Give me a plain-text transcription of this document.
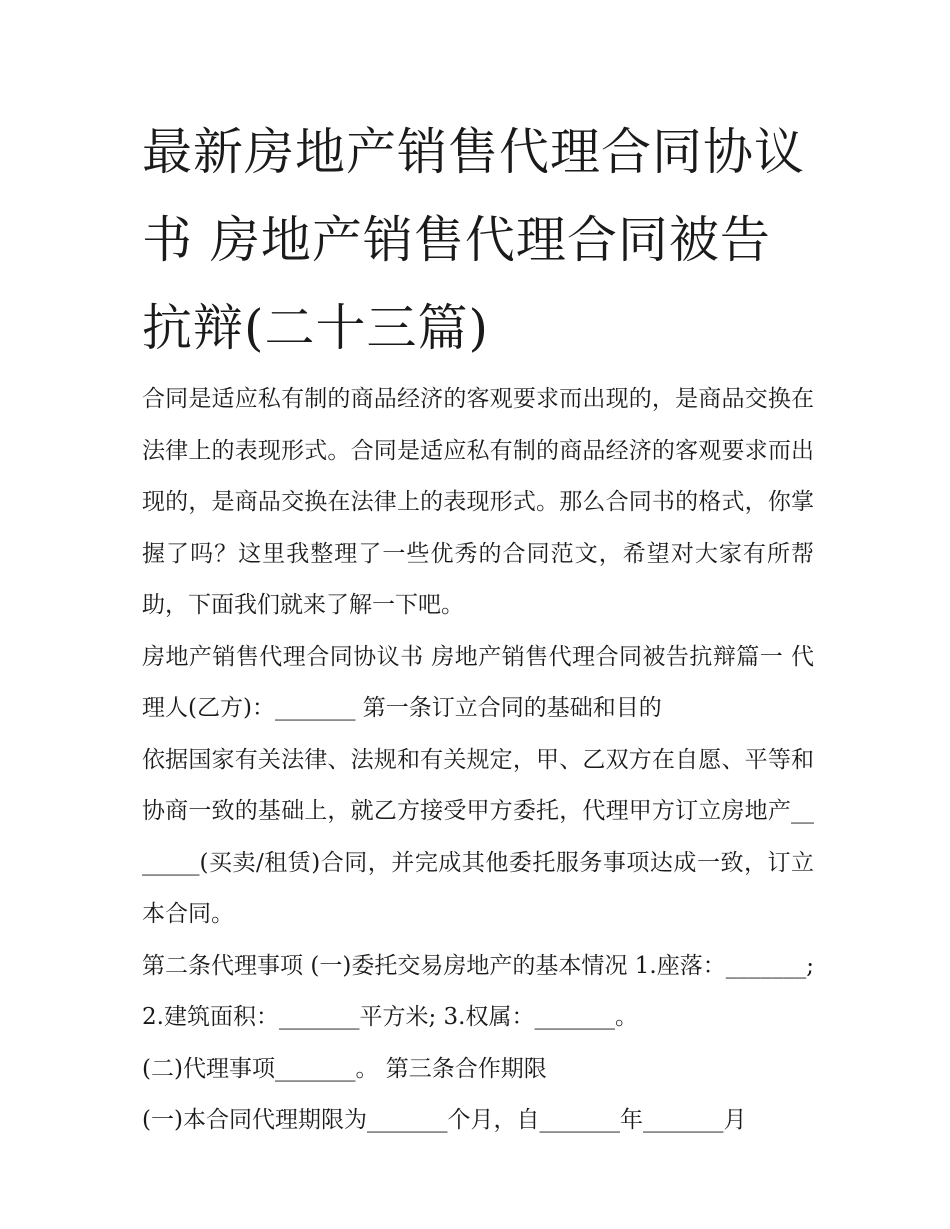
最新房地产销售代理合同协议书 房地产销售代理合同被告抗辩(二十三篇)

合同是适应私有制的商品经济的客观要求而出现的，是商品交换在法律上的表现形式。合同是适应私有制的商品经济的客观要求而出现的，是商品交换在法律上的表现形式。那么合同书的格式，你掌握了吗？这里我整理了一些优秀的合同范文，希望对大家有所帮助，下面我们就来了解一下吧。

房地产销售代理合同协议书 房地产销售代理合同被告抗辩篇一 代理人(乙方)：_______ 第一条订立合同的基础和目的

依据国家有关法律、法规和有关规定，甲、乙双方在自愿、平等和协商一致的基础上，就乙方接受甲方委托，代理甲方订立房地产_______(买卖/租赁)合同，并完成其他委托服务事项达成一致，订立本合同。

第二条代理事项 (一)委托交易房地产的基本情况 1.座落：_______; 2.建筑面积：_______平方米; 3.权属：_______。

(二)代理事项_______。 第三条合作期限

(一)本合同代理期限为_______个月，自_______年_______月
